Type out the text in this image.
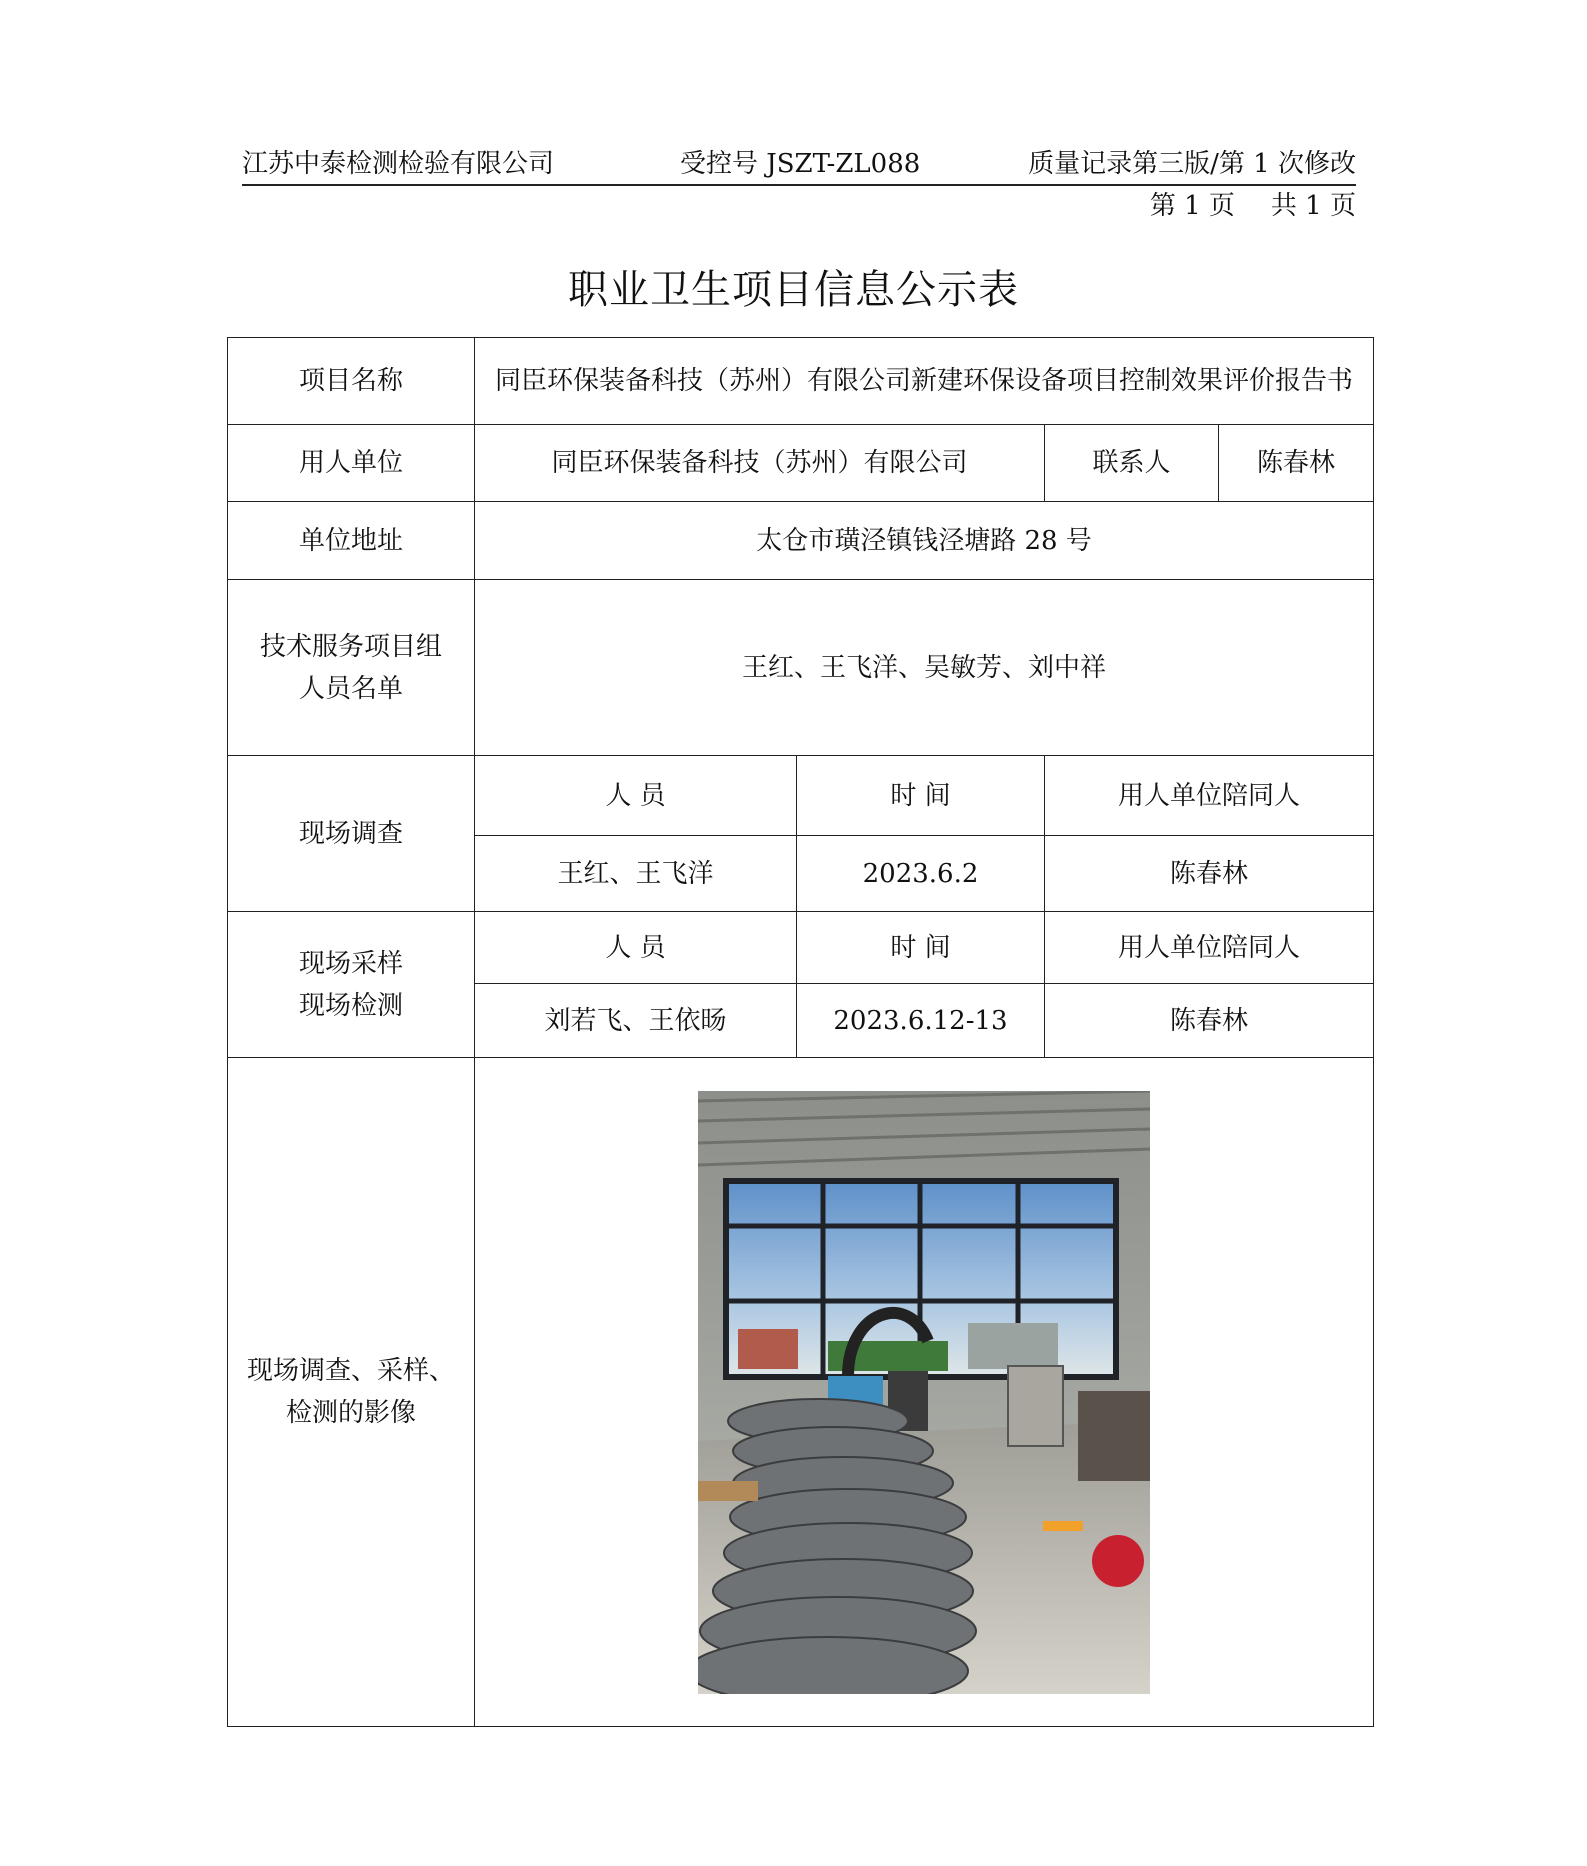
江苏中泰检测检验有限公司	受控号 JSZT-ZL088	质量记录第三版/第 1 次修改
第 1 页 共 1 页
职业卫生项目信息公示表
项目名称	同臣环保装备科技（苏州）有限公司新建环保设备项目控制效果评价报告书			
用人单位	同臣环保装备科技（苏州）有限公司		联系人	陈春林
单位地址	太仓市璜泾镇钱泾塘路 28 号			

技术服务项目组
人员名单	王红、王飞洋、吴敏芳、刘中祥			
现场调查	人 员	时 间	用人单位陪同人	
	王红、王飞洋	2023.6.2	陈春林	

现场采样
现场检测	人 员	时 间	用人单位陪同人	
	刘若飞、王依旸	2023.6.12-13	陈春林	

现场调查、采样、
检测的影像
